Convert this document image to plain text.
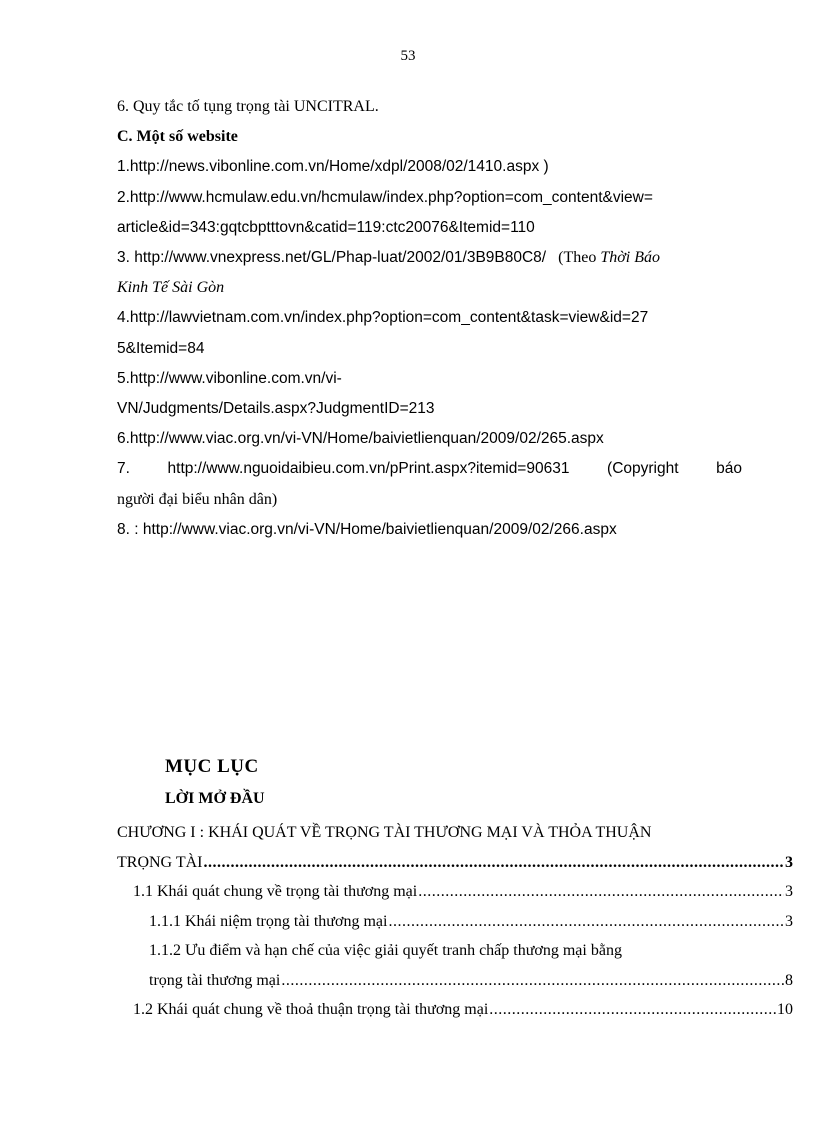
53
6. Quy tắc tố tụng trọng tài UNCITRAL.
C. Một số website
1.http://news.vibonline.com.vn/Home/xdpl/2008/02/1410.aspx )
2.http://www.hcmulaw.edu.vn/hcmulaw/index.php?option=com_content&view=
article&id=343:gqtcbptttovn&catid=119:ctc20076&Itemid=110
3. http://www.vnexpress.net/GL/Phap-luat/2002/01/3B9B80C8/ (Theo Thời Báo
Kinh Tế Sài Gòn
4.http://lawvietnam.com.vn/index.php?option=com_content&task=view&id=27
5&Itemid=84
5.http://www.vibonline.com.vn/vi-
VN/Judgments/Details.aspx?JudgmentID=213
6.http://www.viac.org.vn/vi-VN/Home/baivietlienquan/2009/02/265.aspx
7. http://www.nguoidaibieu.com.vn/pPrint.aspx?itemid=90631 (Copyright báo
người đại biểu nhân dân)
8. : http://www.viac.org.vn/vi-VN/Home/baivietlienquan/2009/02/266.aspx
MỤC LỤC
LỜI MỞ ĐẦU
CHƯƠNG I : KHÁI QUÁT VỀ TRỌNG TÀI THƯƠNG MẠI VÀ THỎA THUẬN
TRỌNG TÀI .....	3
1.1 Khái quát chung về trọng tài thương mại .....	3
1.1.1 Khái niệm trọng tài thương mại .....	3
1.1.2 Ưu điểm và hạn chế của việc giải quyết tranh chấp thương mại bằng
trọng tài thương mại .....	8
1.2 Khái quát chung về thoả thuận trọng tài thương mại .....	10
